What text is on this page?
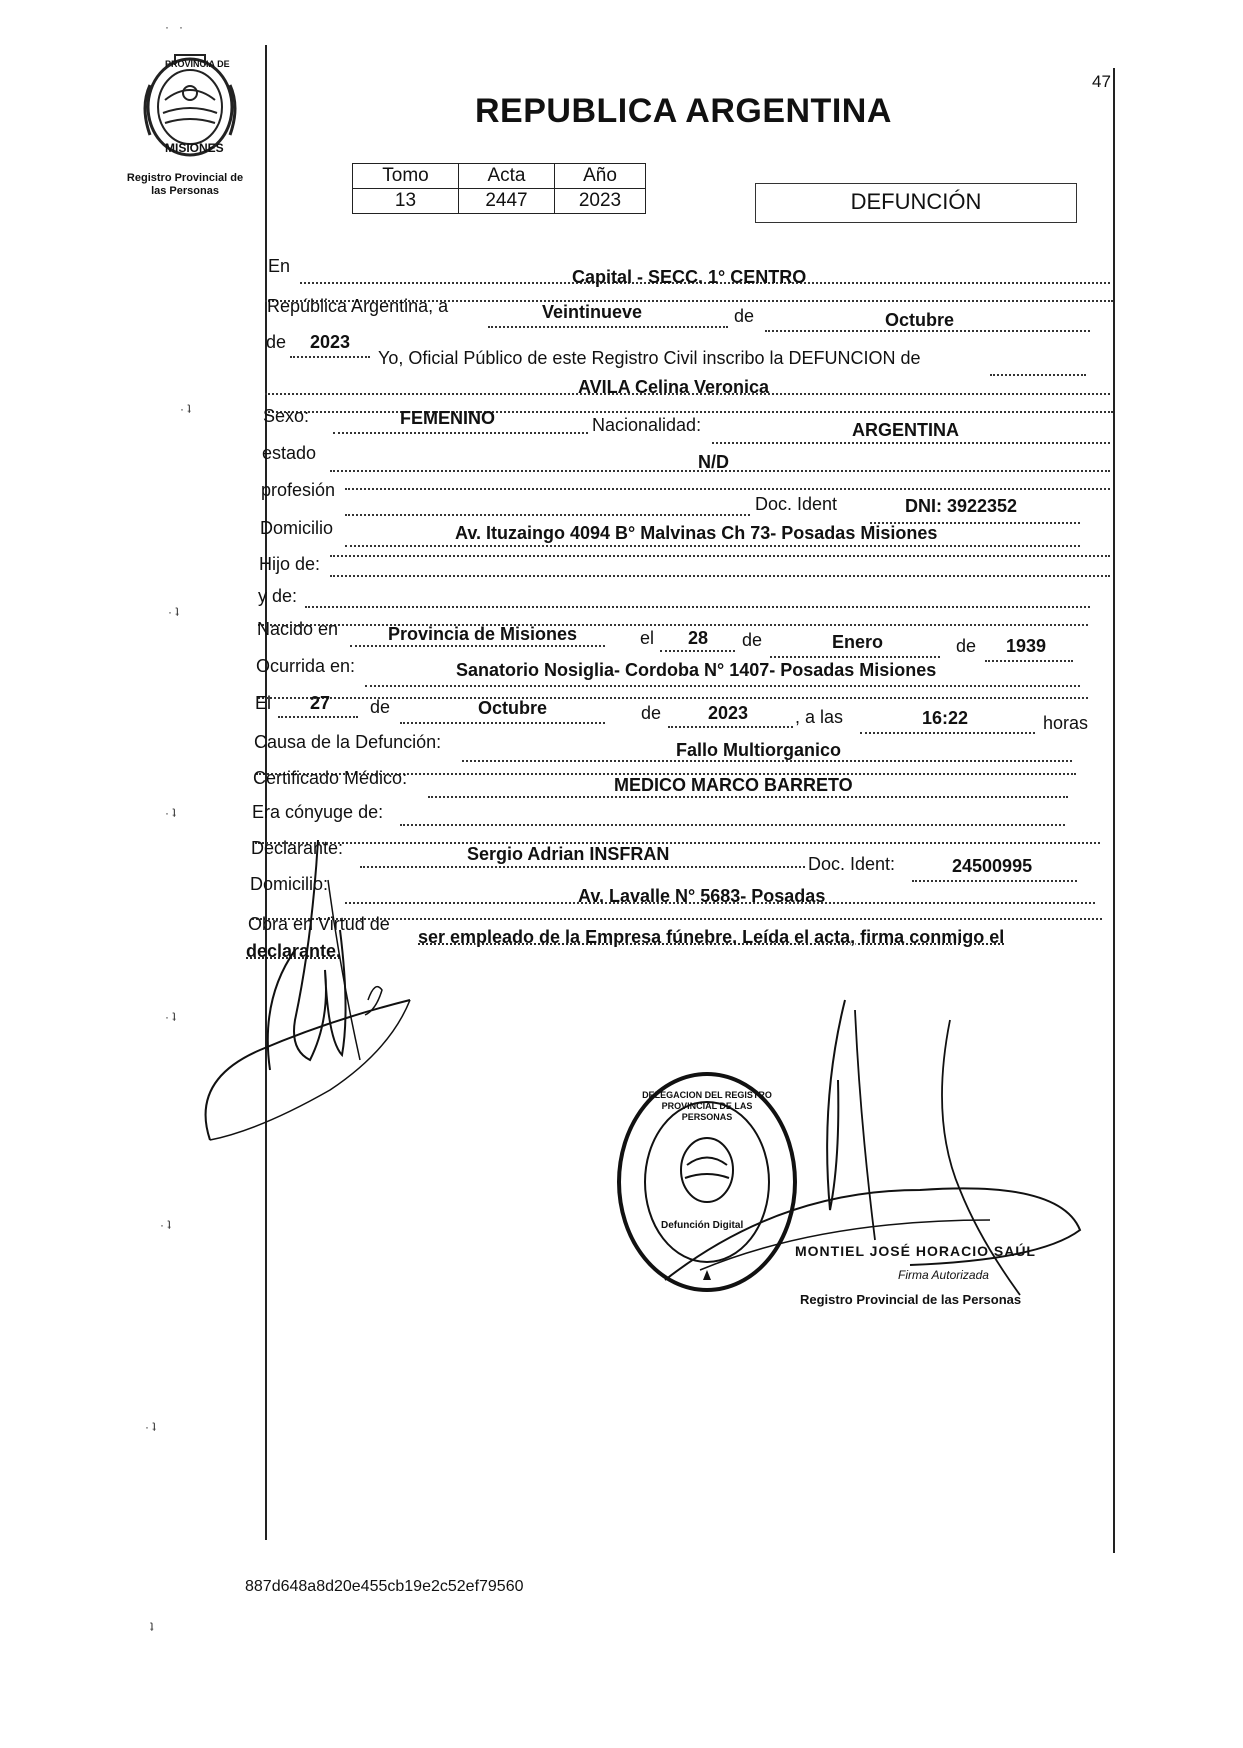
·   ·
· ʇ
· ʇ
· ʇ
· ʇ
· ʇ
· ʇ
ʇ
PROVINCIA DE
MISIONES
Registro Provincial de
las Personas
47
REPUBLICA ARGENTINA
Tomo	Acta	Año
13	2447	2023	DEFUNCIÓN
En
Capital - SECC. 1° CENTRO
República Argentina, a	Veintinueve	de	Octubre
de 2023
Yo, Oficial Público de este Registro Civil inscribo la DEFUNCION de
AVILA Celina Veronica
Sexo:	FEMENINO	Nacionalidad:	ARGENTINA
estado	N/D
profesión
Doc. Ident	DNI: 3922352
Domicilio	Av. Ituzaingo 4094 B° Malvinas Ch 73- Posadas Misiones
Hijo de:
y de:
Nacido en	Provincia de Misiones	el 28 de	Enero	de 1939
Ocurrida en:	Sanatorio Nosiglia- Cordoba N° 1407- Posadas Misiones
El 27 de	Octubre	de	2023	, a las	16:22	horas
Causa de la Defunción:	Fallo Multiorganico
Certificado Médico:	MEDICO MARCO BARRETO
Era cónyuge de:
Declarante:	Sergio Adrian INSFRAN	Doc. Ident:	24500995
Domicilio:
Av. Lavalle N° 5683- Posadas
Obra en Virtud de
ser empleado de la Empresa fúnebre. Leída el acta, firma conmigo el
declarante.
DELEGACION DEL REGISTRO PROVINCIAL DE LAS PERSONAS
Defunción Digital
MONTIEL JOSÉ HORACIO SAÚL
Firma Autorizada
Registro Provincial de las Personas
887d648a8d20e455cb19e2c52ef79560
